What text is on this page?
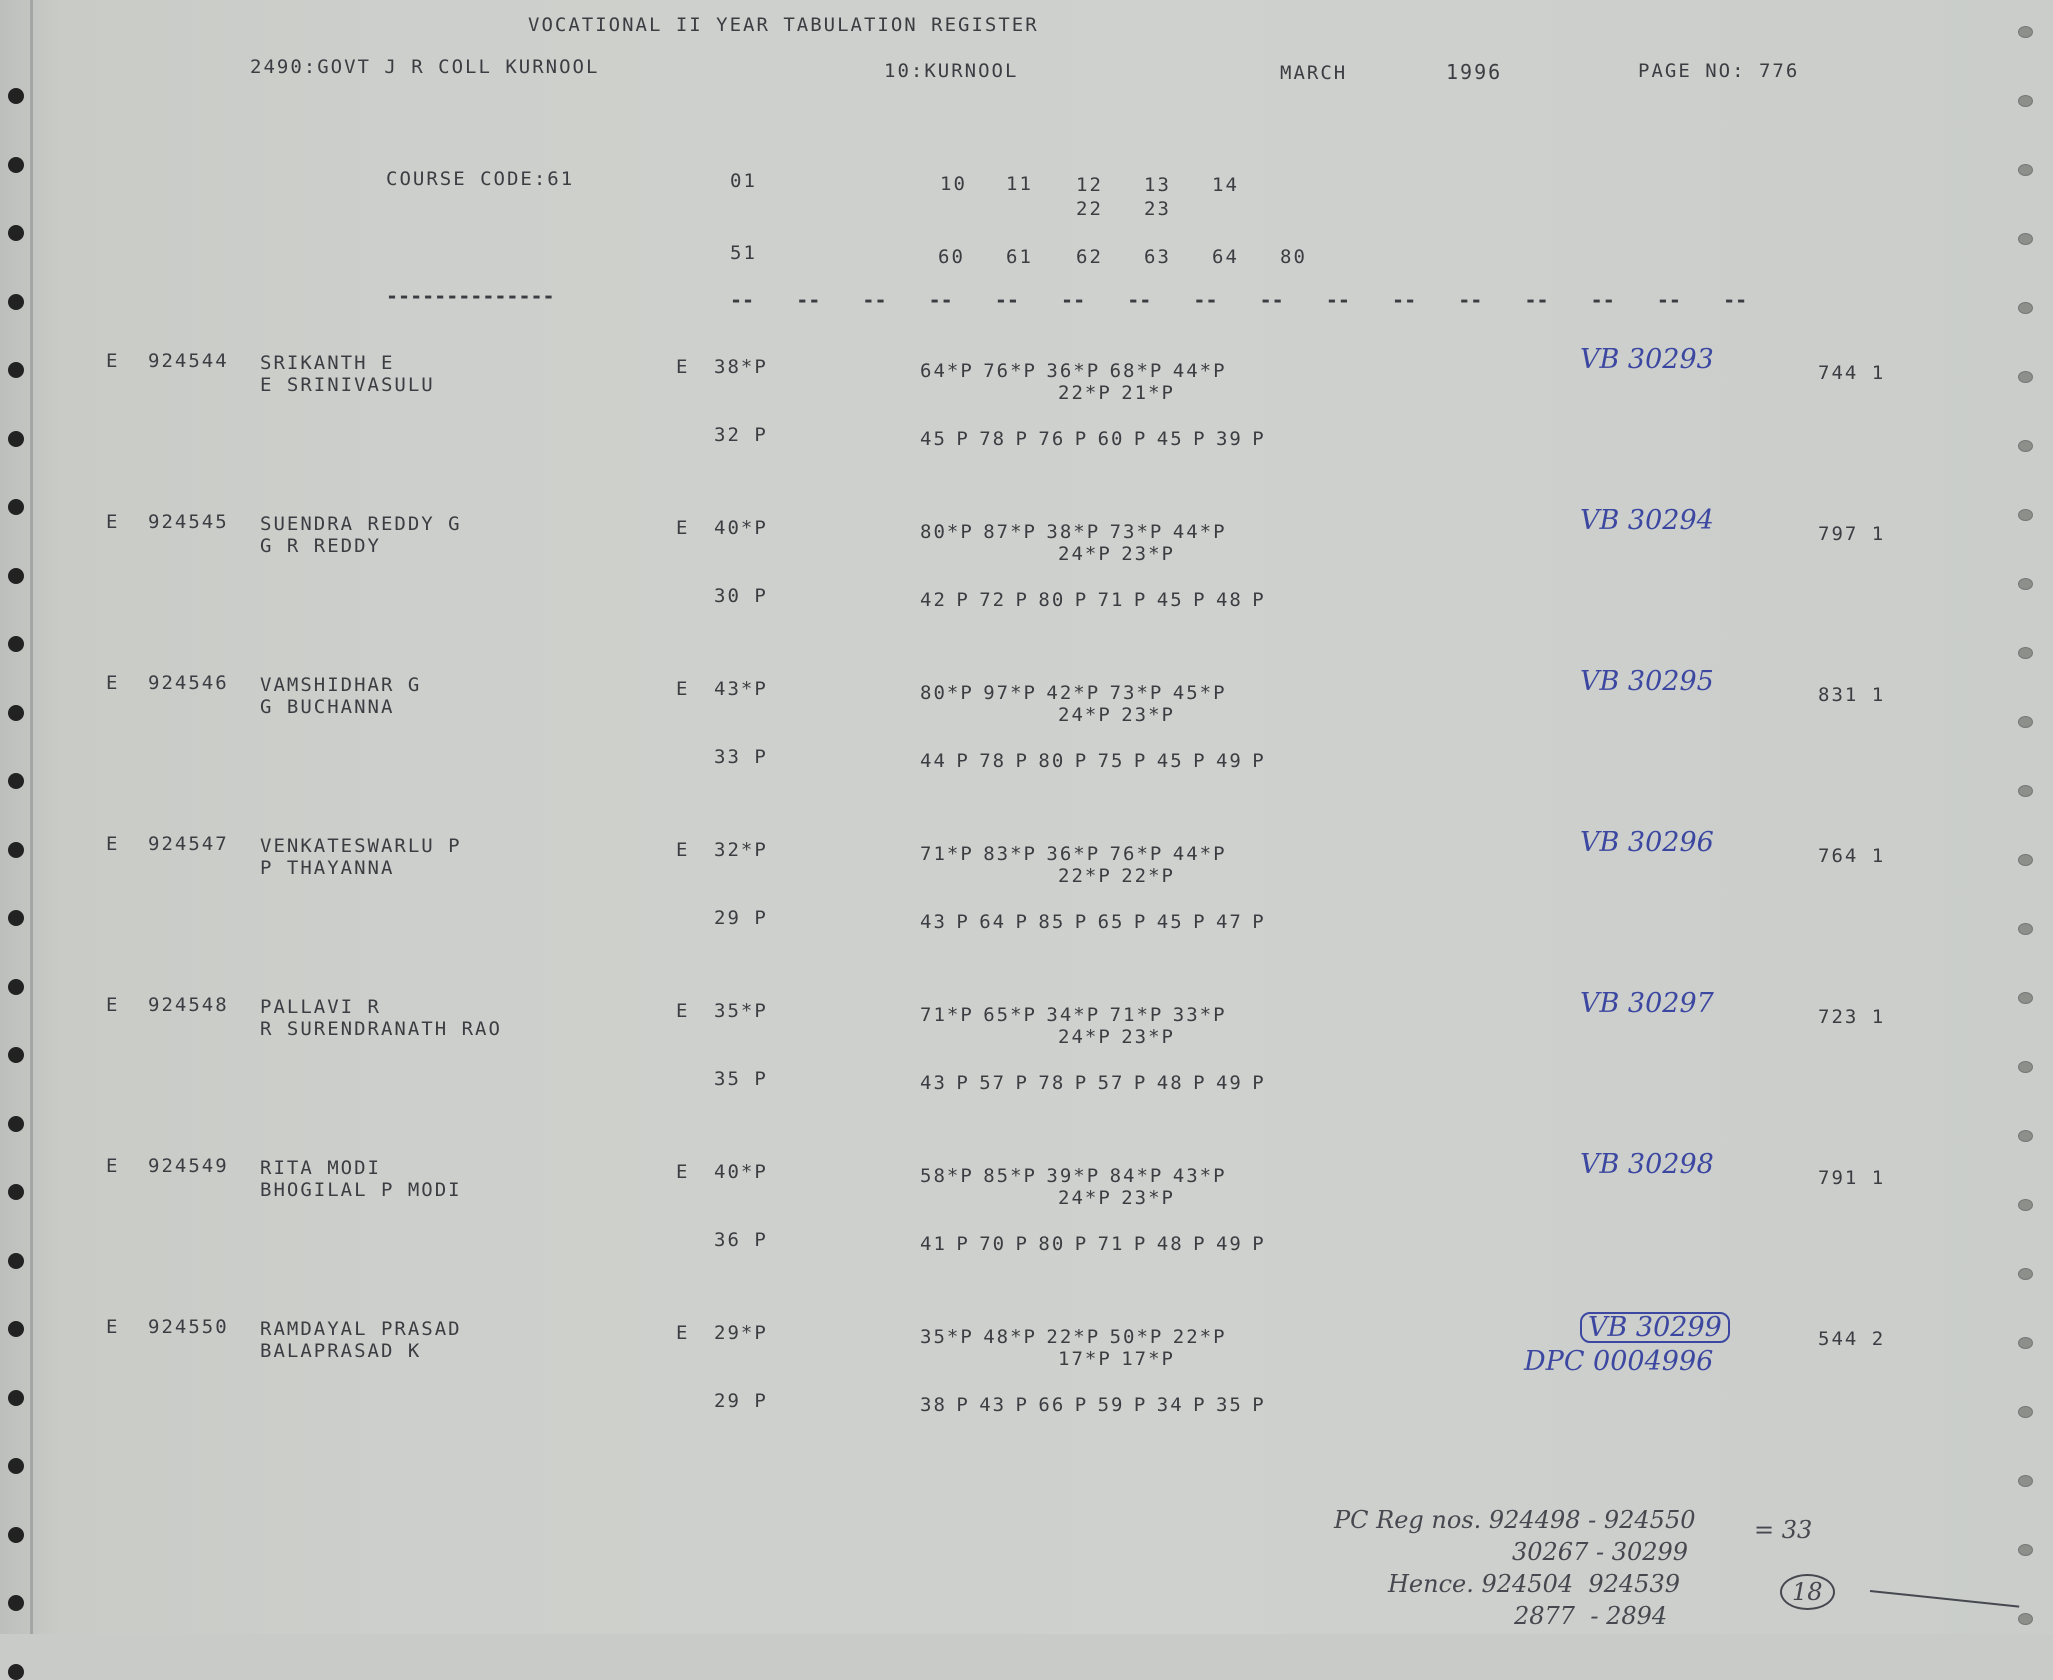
VOCATIONAL II YEAR TABULATION REGISTER
2490:GOVT J R COLL KURNOOL	10:KURNOOL	MARCH	1996	PAGE NO: 776
COURSE CODE:61	01	10 11 12 13 14
22 23
51	60 61 62 63 64 80
--------------	--   --   --   --   --   --   --   --   --   --   --   --   --   --   --   --
E 924544 SRIKANTH E
E SRINIVASULU
E 38*P	64*P 76*P 36*P 68*P 44*P
22*P 21*P
32 P	45 P 78 P 76 P 60 P 45 P 39 P
VB 30293	744 1
E 924545 SUENDRA REDDY G
G R REDDY
E 40*P	80*P 87*P 38*P 73*P 44*P
24*P 23*P
30 P	42 P 72 P 80 P 71 P 45 P 48 P
VB 30294	797 1
E 924546 VAMSHIDHAR G
G BUCHANNA
E 43*P	80*P 97*P 42*P 73*P 45*P
24*P 23*P
33 P	44 P 78 P 80 P 75 P 45 P 49 P
VB 30295	831 1
E 924547 VENKATESWARLU P
P THAYANNA
E 32*P	71*P 83*P 36*P 76*P 44*P
22*P 22*P
29 P	43 P 64 P 85 P 65 P 45 P 47 P
VB 30296	764 1
E 924548 PALLAVI R
R SURENDRANATH RAO
E 35*P	71*P 65*P 34*P 71*P 33*P
24*P 23*P
35 P	43 P 57 P 78 P 57 P 48 P 49 P
VB 30297	723 1
E 924549 RITA MODI
BHOGILAL P MODI
E 40*P	58*P 85*P 39*P 84*P 43*P
24*P 23*P
36 P	41 P 70 P 80 P 71 P 48 P 49 P
VB 30298	791 1
E 924550 RAMDAYAL PRASAD
BALAPRASAD K
E 29*P	35*P 48*P 22*P 50*P 22*P
17*P 17*P
29 P	38 P 43 P 66 P 59 P 34 P 35 P
VB 30299	544 2
DPC 0004996
PC Reg nos. 924498 - 924550 = 33
30267 - 30299
Hence. 924504  924539
2877  - 2894
18
